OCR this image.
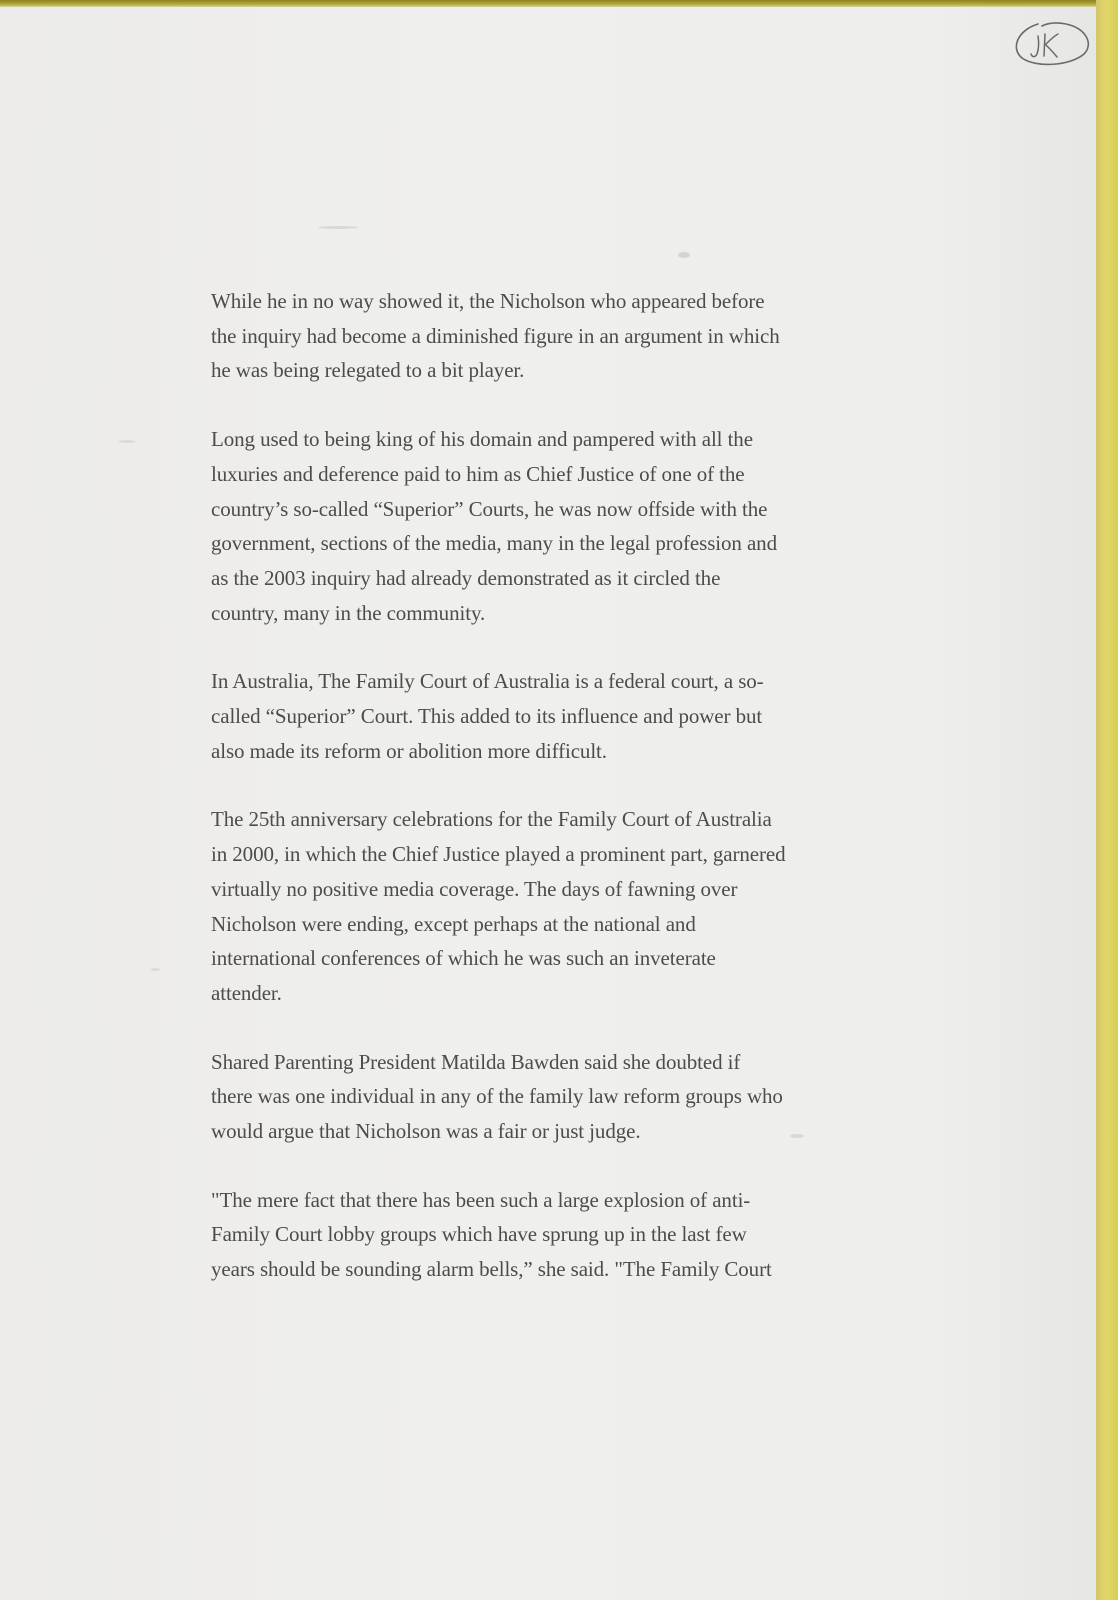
While he in no way showed it, the Nicholson who appeared before
the inquiry had become a diminished figure in an argument in which
he was being relegated to a bit player.

Long used to being king of his domain and pampered with all the
luxuries and deference paid to him as Chief Justice of one of the
country’s so-called “Superior” Courts, he was now offside with the
government, sections of the media, many in the legal profession and
as the 2003 inquiry had already demonstrated as it circled the
country, many in the community.

In Australia, The Family Court of Australia is a federal court, a so-
called “Superior” Court. This added to its influence and power but
also made its reform or abolition more difficult.

The 25th anniversary celebrations for the Family Court of Australia
in 2000, in which the Chief Justice played a prominent part, garnered
virtually no positive media coverage. The days of fawning over
Nicholson were ending, except perhaps at the national and
international conferences of which he was such an inveterate
attender.

Shared Parenting President Matilda Bawden said she doubted if
there was one individual in any of the family law reform groups who
would argue that Nicholson was a fair or just judge.

"The mere fact that there has been such a large explosion of anti-
Family Court lobby groups which have sprung up in the last few
years should be sounding alarm bells,” she said. "The Family Court
